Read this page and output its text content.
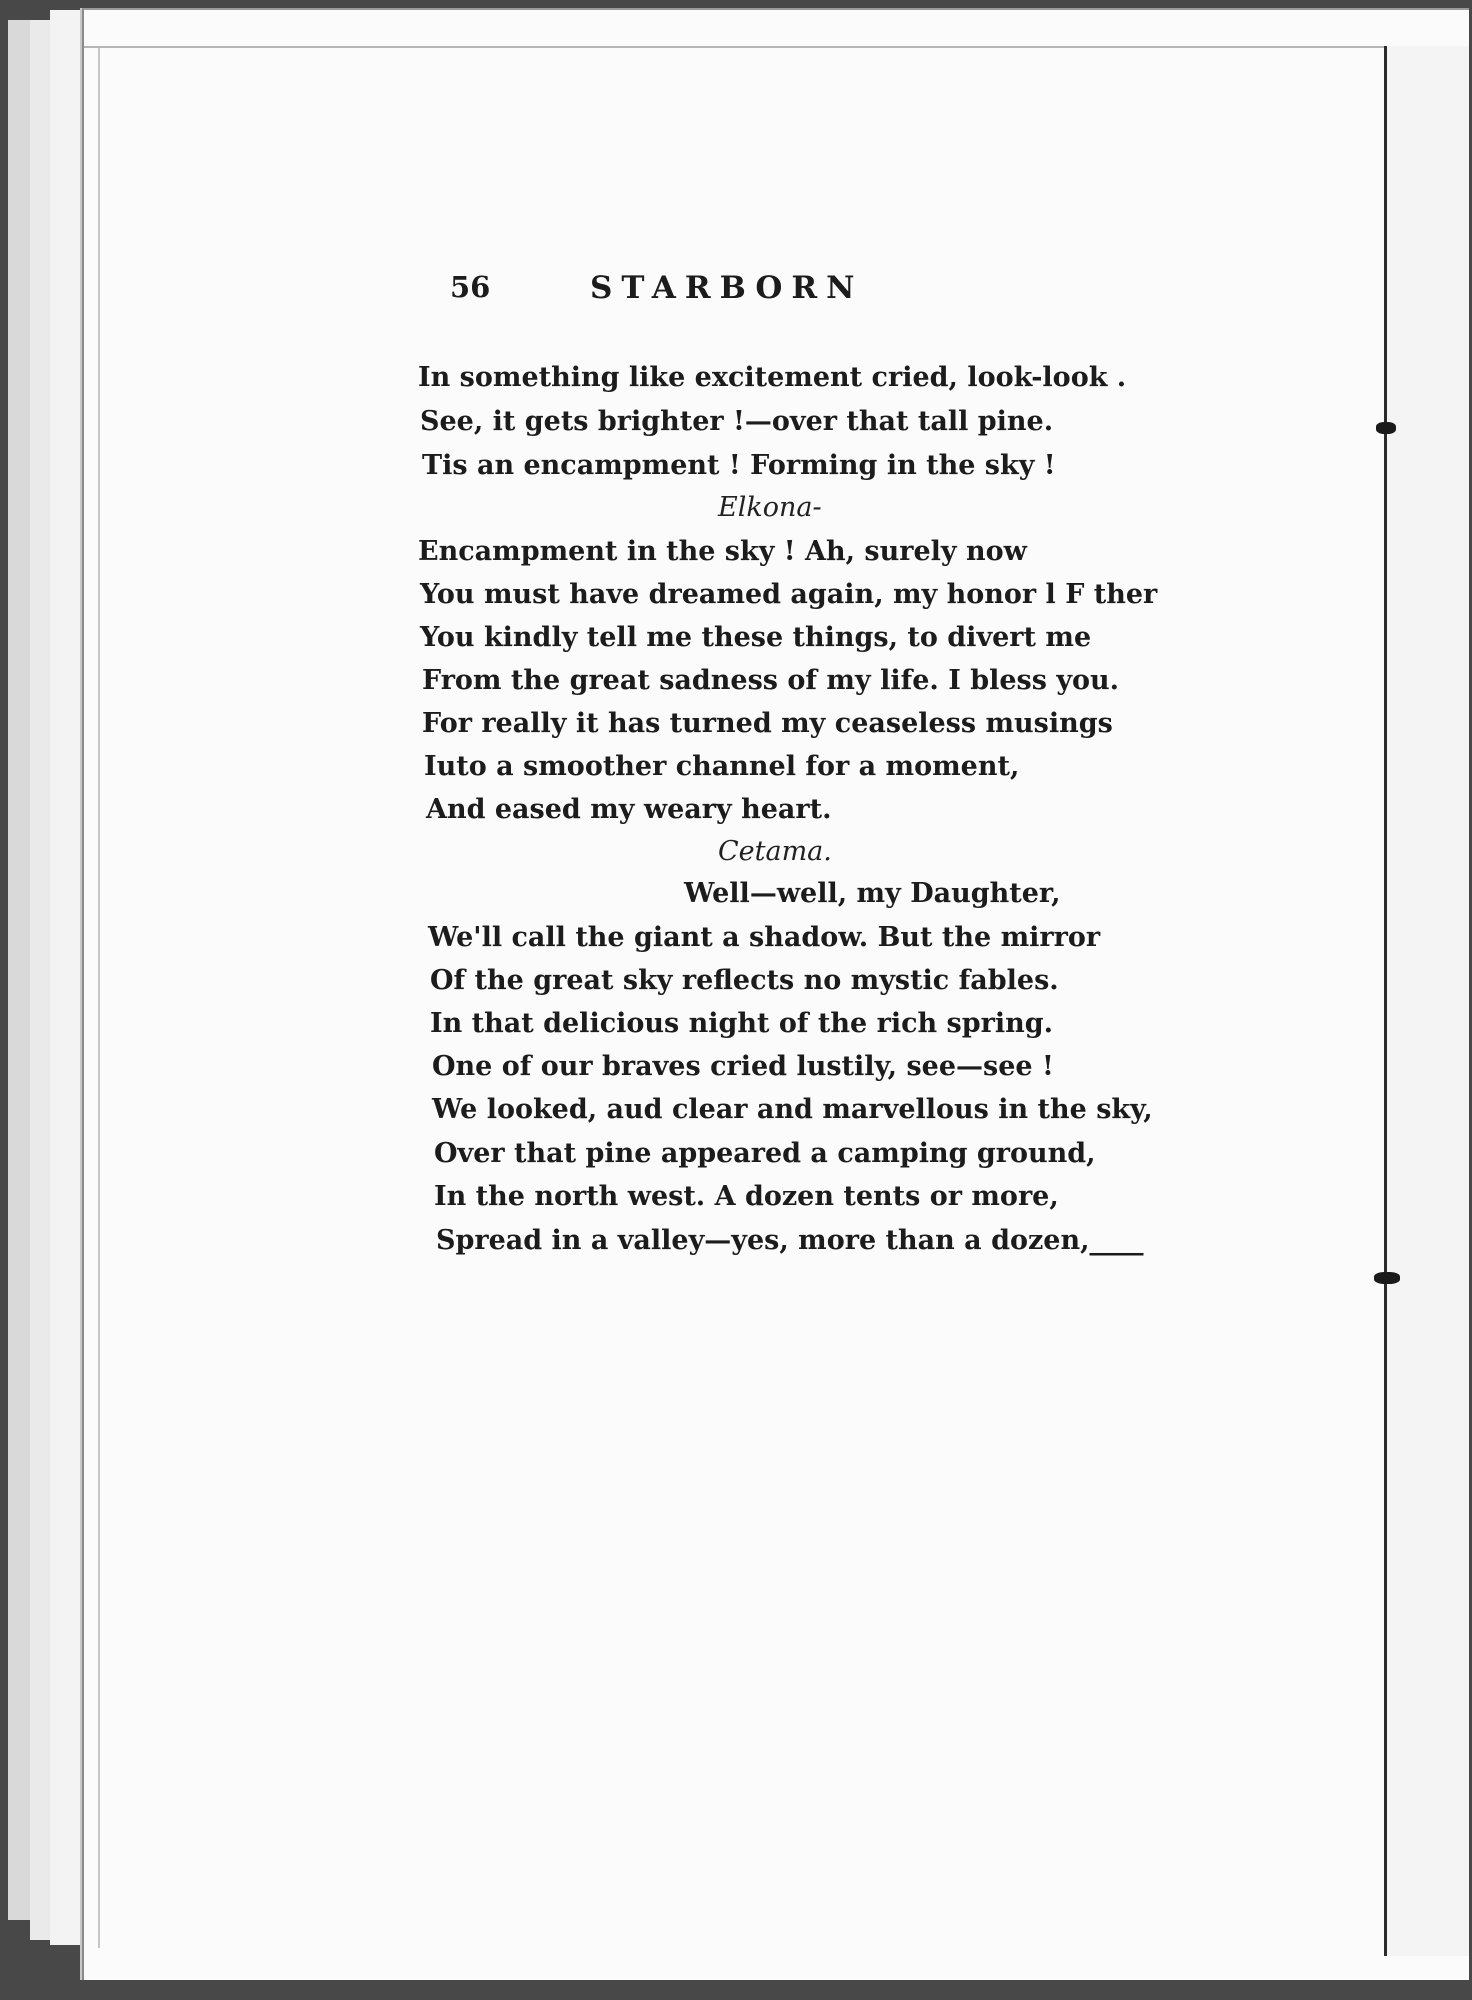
56	STARBORN
In something like excitement cried, look-look .
See, it gets brighter !—over that tall pine.
Tis an encampment ! Forming in the sky !
Elkona-
Encampment in the sky ! Ah, surely now
You must have dreamed again, my honor l F ther
You kindly tell me these things, to divert me
From the great sadness of my life. I bless you.
For really it has turned my ceaseless musings
Iuto a smoother channel for a moment,
And eased my weary heart.
Cetama.
Well—well, my Daughter,
We'll call the giant a shadow. But the mirror
Of the great sky reflects no mystic fables.
In that delicious night of the rich spring.
One of our braves cried lustily, see—see !
We looked, aud clear and marvellous in the sky,
Over that pine appeared a camping ground,
In the north west. A dozen tents or more,
Spread in a valley—yes, more than a dozen,____
